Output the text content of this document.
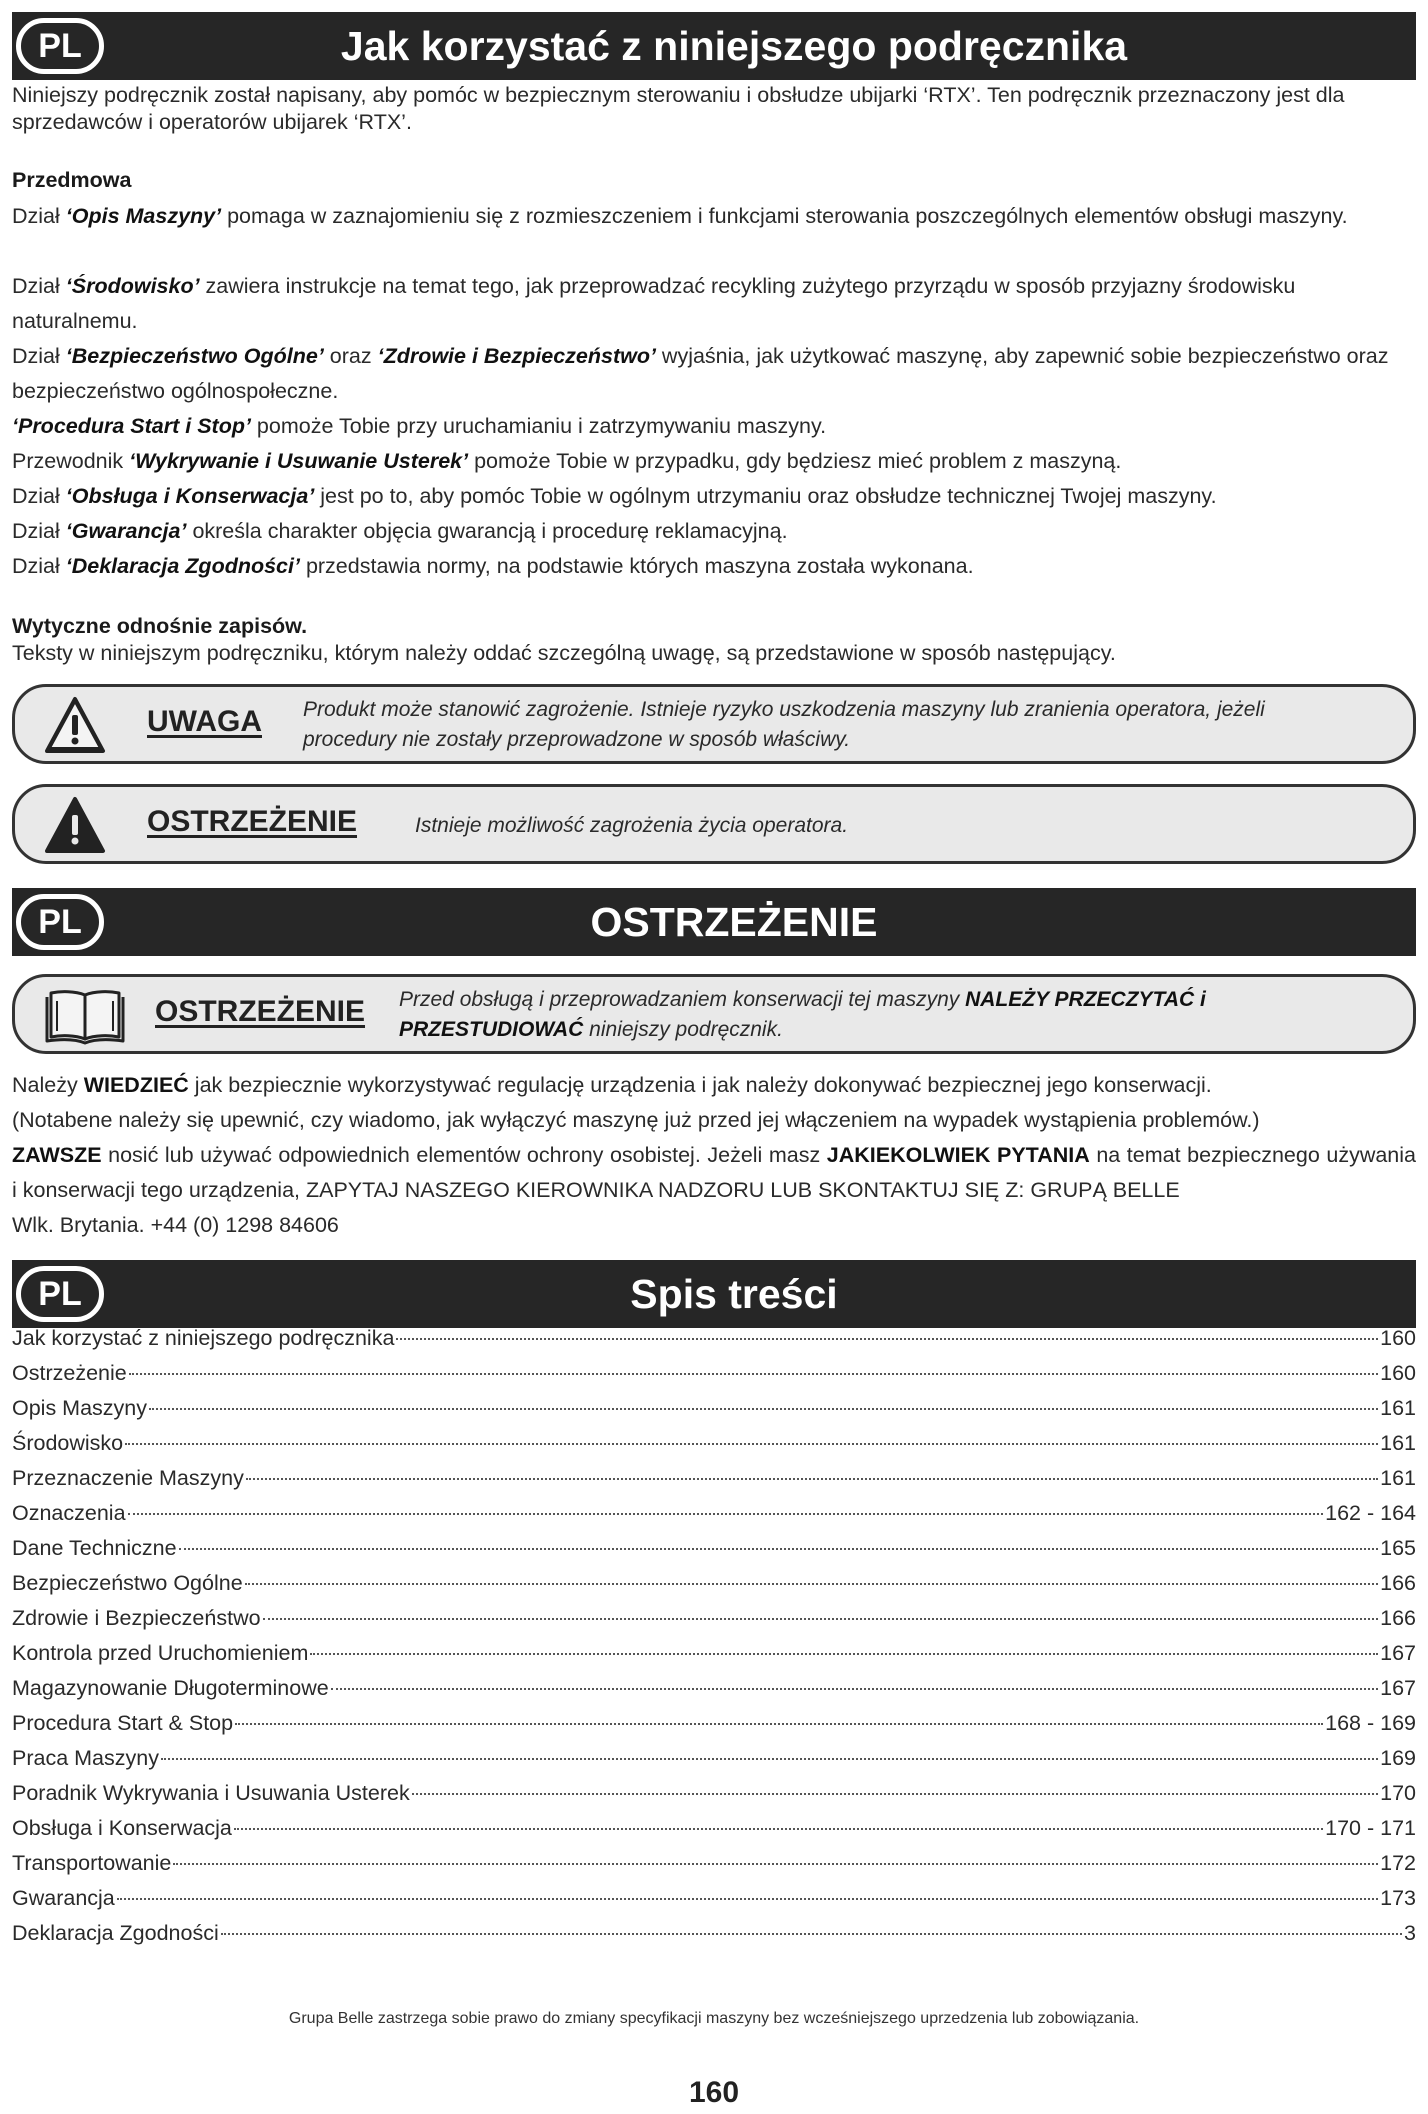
PL	Jak korzystać z niniejszego podręcznika
Niniejszy podręcznik został napisany, aby pomóc w bezpiecznym sterowaniu i obsłudze ubijarki ‘RTX’. Ten podręcznik przeznaczony jest dla sprzedawców i operatorów ubijarek ‘RTX’.
Przedmowa
Dział ‘Opis Maszyny’ pomaga w zaznajomieniu się z rozmieszczeniem i funkcjami sterowania poszczególnych elementów obsługi maszyny.
Dział ‘Środowisko’ zawiera instrukcje na temat tego, jak przeprowadzać recykling zużytego przyrządu w sposób przyjazny środowisku naturalnemu.
Dział ‘Bezpieczeństwo Ogólne’ oraz ‘Zdrowie i Bezpieczeństwo’ wyjaśnia, jak użytkować maszynę, aby zapewnić sobie bezpieczeństwo oraz bezpieczeństwo ogólnospołeczne.
‘Procedura Start i Stop’ pomoże Tobie przy uruchamianiu i zatrzymywaniu maszyny.
Przewodnik ‘Wykrywanie i Usuwanie Usterek’ pomoże Tobie w przypadku, gdy będziesz mieć problem z maszyną.
Dział ‘Obsługa i Konserwacja’ jest po to, aby pomóc Tobie w ogólnym utrzymaniu oraz obsłudze technicznej Twojej maszyny.
Dział ‘Gwarancja’ określa charakter objęcia gwarancją i procedurę reklamacyjną.
Dział ‘Deklaracja Zgodności’ przedstawia normy, na podstawie których maszyna została wykonana.
Wytyczne odnośnie zapisów.
Teksty w niniejszym podręczniku, którym należy oddać szczególną uwagę, są przedstawione w sposób następujący.
UWAGA Produkt może stanowić zagrożenie. Istnieje ryzyko uszkodzenia maszyny lub zranienia operatora, jeżeli procedury nie zostały przeprowadzone w sposób właściwy.
OSTRZEŻENIE	Istnieje możliwość zagrożenia życia operatora.
PL	OSTRZEŻENIE
OSTRZEŻENIE Przed obsługą i przeprowadzaniem konserwacji tej maszyny NALEŻY PRZECZYTAĆ i PRZESTUDIOWAĆ niniejszy podręcznik.
Należy WIEDZIEĆ jak bezpiecznie wykorzystywać regulację urządzenia i jak należy dokonywać bezpiecznej jego konserwacji.
(Notabene należy się upewnić, czy wiadomo, jak wyłączyć maszynę już przed jej włączeniem na wypadek wystąpienia problemów.)
ZAWSZE nosić lub używać odpowiednich elementów ochrony osobistej. Jeżeli masz JAKIEKOLWIEK PYTANIA na temat bezpiecznego używania i konserwacji tego urządzenia, ZAPYTAJ NASZEGO KIEROWNIKA NADZORU LUB SKONTAKTUJ SIĘ Z: GRUPĄ BELLE
Wlk. Brytania. +44 (0) 1298 84606
PL	Spis treści
Jak korzystać z niniejszego podręcznika	160
Ostrzeżenie	160
Opis Maszyny	161
Środowisko	161
Przeznaczenie Maszyny	161
Oznaczenia	162 - 164
Dane Techniczne	165
Bezpieczeństwo Ogólne	166
Zdrowie i Bezpieczeństwo	166
Kontrola przed Uruchomieniem	167
Magazynowanie Długoterminowe	167
Procedura Start & Stop	168 - 169
Praca Maszyny	169
Poradnik Wykrywania i Usuwania Usterek	170
Obsługa i Konserwacja	170 - 171
Transportowanie	172
Gwarancja	173
Deklaracja Zgodności	3
Grupa Belle zastrzega sobie prawo do zmiany specyfikacji maszyny bez wcześniejszego uprzedzenia lub zobowiązania.
160
